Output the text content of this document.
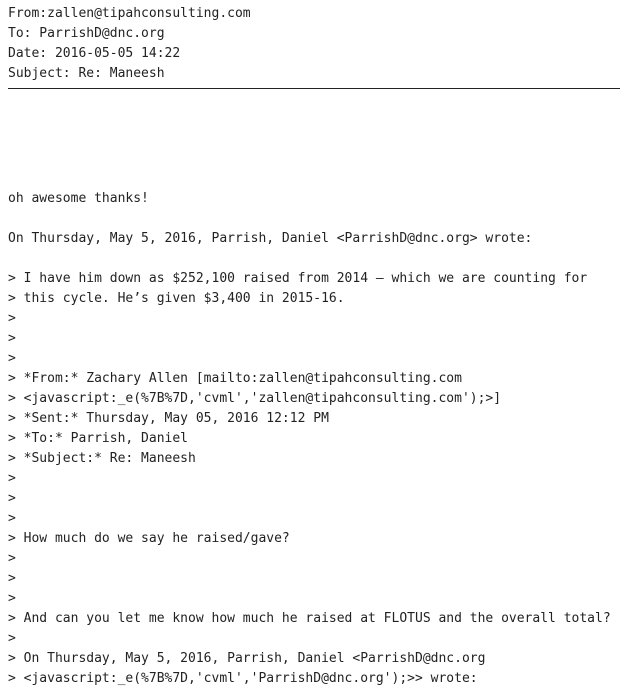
From:zallen@tipahconsulting.com
To: ParrishD@dnc.org
Date: 2016-05-05 14:22
Subject: Re: Maneesh
oh awesome thanks!
On Thursday, May 5, 2016, Parrish, Daniel <ParrishD@dnc.org> wrote:
> I have him down as $252,100 raised from 2014 – which we are counting for
> this cycle. He’s given $3,400 in 2015-16.
>
>
>
> *From:* Zachary Allen [mailto:zallen@tipahconsulting.com
> <javascript:_e(%7B%7D,'cvml','zallen@tipahconsulting.com');>]
> *Sent:* Thursday, May 05, 2016 12:12 PM
> *To:* Parrish, Daniel
> *Subject:* Re: Maneesh
>
>
>
> How much do we say he raised/gave?
>
>
>
> And can you let me know how much he raised at FLOTUS and the overall total?
>
> On Thursday, May 5, 2016, Parrish, Daniel <ParrishD@dnc.org
> <javascript:_e(%7B%7D,'cvml','ParrishD@dnc.org');>> wrote:
